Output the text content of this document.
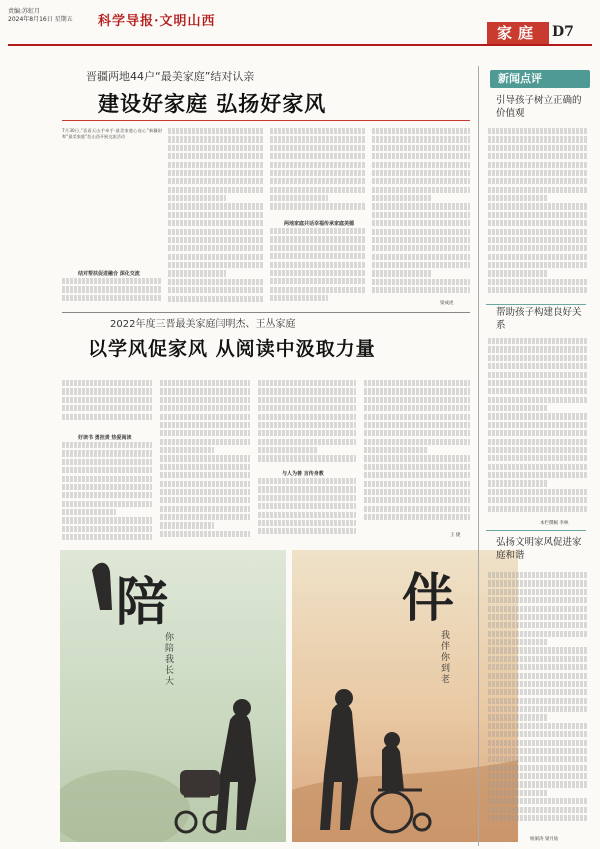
责编:苏虹月
2024年8月16日 星期五 科学导报·文明山西
家庭 D7
晋疆两地44户“最美家庭”结对认亲
建设好家庭 弘扬好家风
7月30日,“喜看天山手牵手·最美家庭心连心”新疆尉犁“最美家庭”赴山西开展交流活动
结对帮扶促进融合 深化交流
两地家庭共话幸福传承家庭美德
梁成虎
2022年度三晋最美家庭闫明杰、王丛家庭
以学风促家风 从阅读中汲取力量
好读书 勇担责 热爱阅读
与人为善 言传身教
王 捷
陪
你陪我长大
伴
我伴你到老
新闻点评
引导孩子树立正确的价值观
帮助孩子构建良好关系
本栏撰稿 李林
弘扬文明家风促进家庭和谐
杨洞涛 梁月仙
